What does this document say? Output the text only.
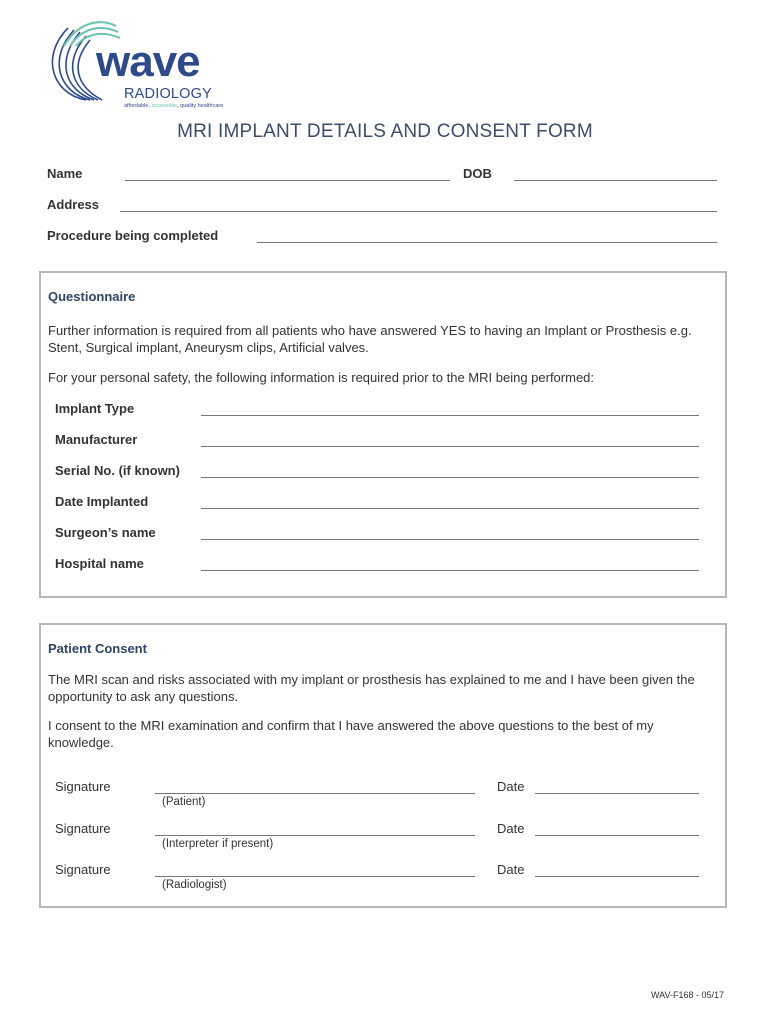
wave
RADIOLOGY
affordable, accessible, quality healthcare
MRI IMPLANT DETAILS AND CONSENT FORM
Name	DOB
Address
Procedure being completed
Questionnaire
Further information is required from all patients who have answered YES to having an Implant or Prosthesis e.g. Stent, Surgical implant, Aneurysm clips, Artificial valves.
For your personal safety, the following information is required prior to the MRI being performed:
Implant Type
Manufacturer
Serial No. (if known)
Date Implanted
Surgeon’s name
Hospital name
Patient Consent
The MRI scan and risks associated with my implant or prosthesis has explained to me and I have been given the opportunity to ask any questions.
I consent to the MRI examination and confirm that I have answered the above questions to the best of my knowledge.
Signature
(Patient)
Date
Signature
(Interpreter if present)
Date
Signature
(Radiologist)
Date
WAV-F168 - 05/17
